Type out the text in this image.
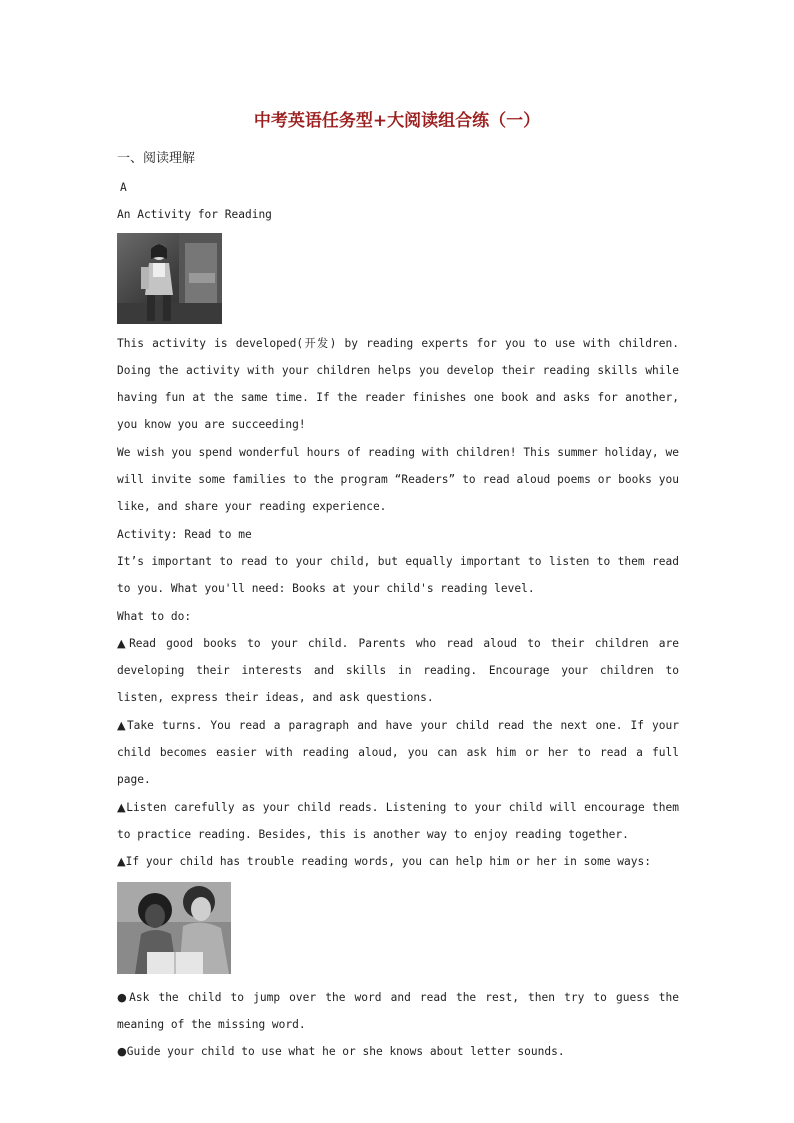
中考英语任务型+大阅读组合练（一）
一、阅读理解

A

An Activity for Reading

This activity is developed(开发) by reading experts for you to use with children. Doing the activity with your children helps you develop their reading skills while having fun at the same time. If the reader finishes one book and asks for another, you know you are succeeding!

We wish you spend wonderful hours of reading with children! This summer holiday, we will invite some families to the program “Readers” to read aloud poems or books you like, and share your reading experience.

Activity: Read to me

It’s important to read to your child, but equally important to listen to them read to you. What you'll need: Books at your child's reading level.

What to do:

▲Read good books to your child. Parents who read aloud to their children are developing their interests and skills in reading. Encourage your children to listen, express their ideas, and ask questions.

▲Take turns. You read a paragraph and have your child read the next one. If your child becomes easier with reading aloud, you can ask him or her to read a full page.

▲Listen carefully as your child reads. Listening to your child will encourage them to practice reading. Besides, this is another way to enjoy reading together.

▲If your child has trouble reading words, you can help him or her in some ways:

●Ask the child to jump over the word and read the rest, then try to guess the meaning of the missing word.

●Guide your child to use what he or she knows about letter sounds.
